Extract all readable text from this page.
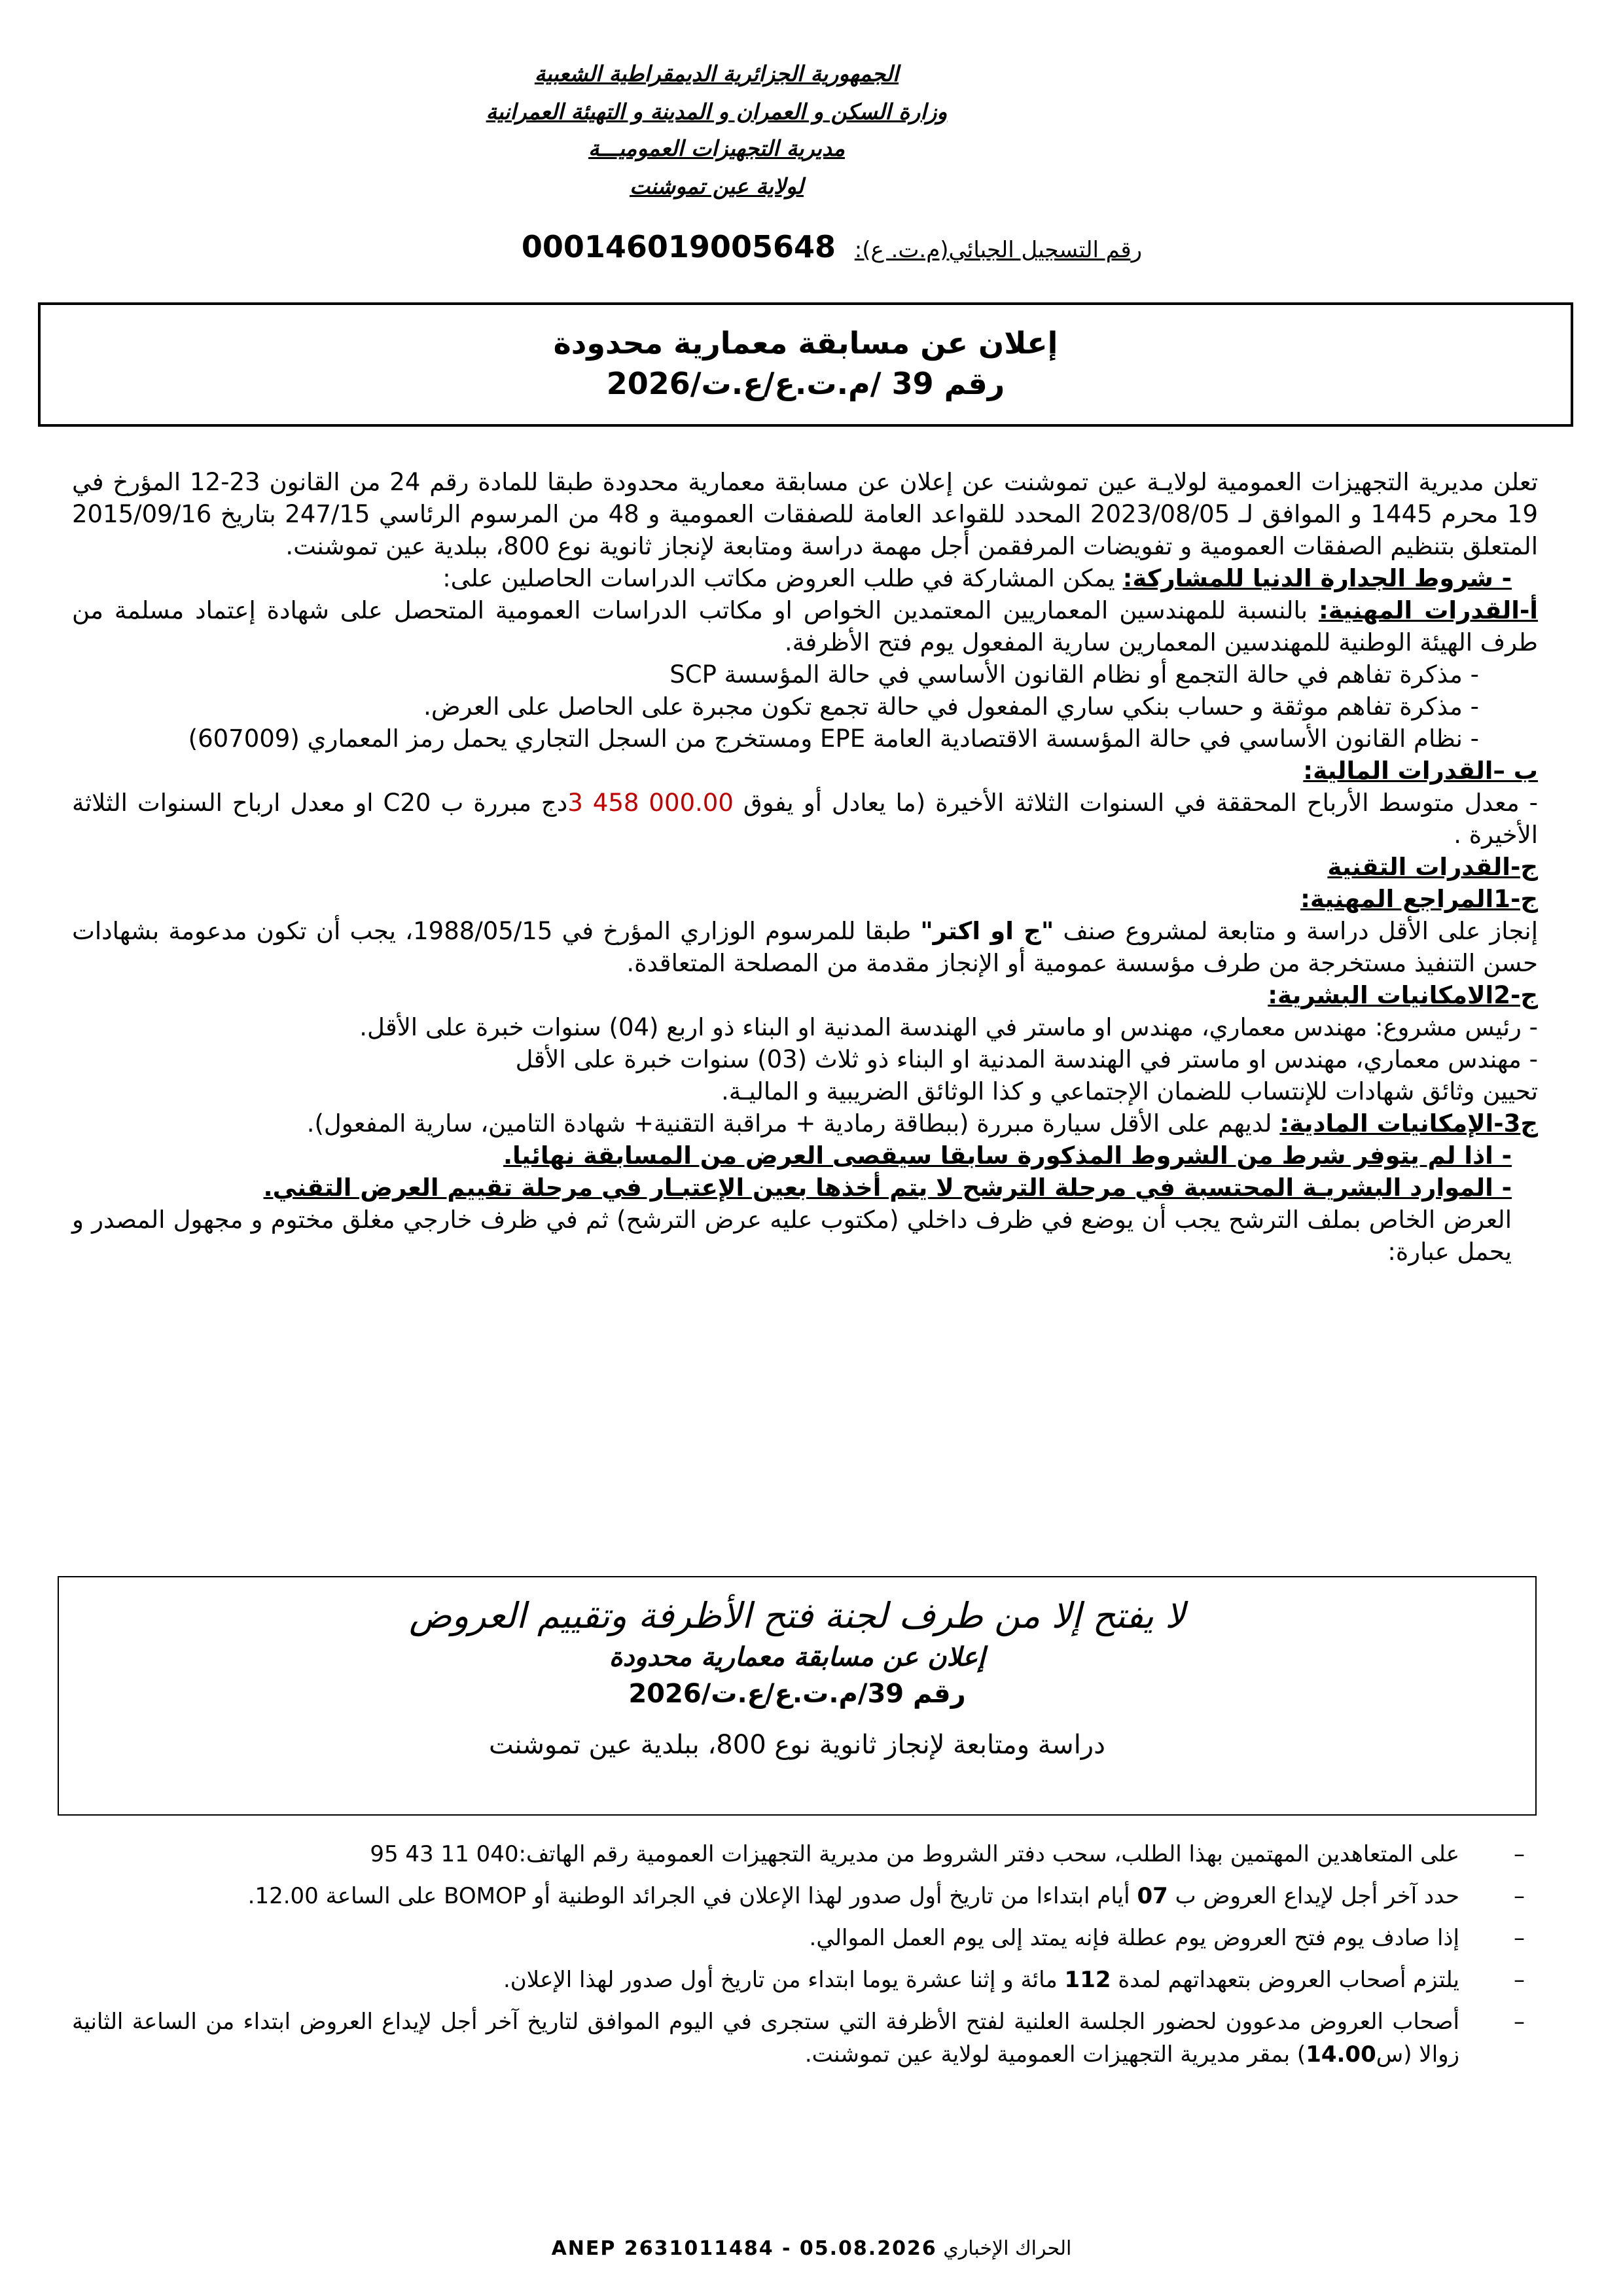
الجمهورية الجزائرية الديمقراطية الشعبية
وزارة السكن و العمران و المدينة و التهيئة العمرانية
مديرية التجهيزات العموميـــة
لولاية عين تموشنت
رقم التسجيل الجبائي(م.ت. ع): 000146019005648
إعلان عن مسابقة معمارية محدودة
رقم 39 /م.ت.ع/ع.ت/2026

تعلن مديرية التجهيزات العمومية لولايـة عين تموشنت عن إعلان عن مسابقة معمارية محدودة طبقا للمادة رقم 24 من القانون 23-12 المؤرخ في 19 محرم 1445 و الموافق لـ 2023/08/05 المحدد للقواعد العامة للصفقات العمومية و 48 من المرسوم الرئاسي 247/15 بتاريخ 2015/09/16 المتعلق بتنظيم الصفقات العمومية و تفويضات المرفقمن أجل مهمة دراسة ومتابعة لإنجاز ثانوية نوع 800، ببلدية عين تموشنت.

- شروط الجدارة الدنيا للمشاركة: يمكن المشاركة في طلب العروض مكاتب الدراسات الحاصلين على:

أ-القدرات المهنية: بالنسبة للمهندسين المعماريين المعتمدين الخواص او مكاتب الدراسات العمومية المتحصل على شهادة إعتماد مسلمة من طرف الهيئة الوطنية للمهندسين المعمارين سارية المفعول يوم فتح الأظرفة.

- مذكرة تفاهم في حالة التجمع أو نظام القانون الأساسي في حالة المؤسسة SCP

- مذكرة تفاهم موثقة و حساب بنكي ساري المفعول في حالة تجمع تكون مجبرة على الحاصل على العرض.

- نظام القانون الأساسي في حالة المؤسسة الاقتصادية العامة EPE ومستخرج من السجل التجاري يحمل رمز المعماري (607009)

ب –القدرات المالية:

- معدل متوسط الأرباح المحققة في السنوات الثلاثة الأخيرة (ما يعادل أو يفوق 3 458 000.00دج مبررة ب C20 او معدل ارباح السنوات الثلاثة الأخيرة .

ج-القدرات التقنية

ج-1المراجع المهنية:

إنجاز على الأقل دراسة و متابعة لمشروع صنف "ج او اكتر" طبقا للمرسوم الوزاري المؤرخ في 1988/05/15، يجب أن تكون مدعومة بشهادات حسن التنفيذ مستخرجة من طرف مؤسسة عمومية أو الإنجاز مقدمة من المصلحة المتعاقدة.

ج-2الامكانيات البشرية:

- رئيس مشروع: مهندس معماري، مهندس او ماستر في الهندسة المدنية او البناء ذو اربع (04) سنوات خبرة على الأقل.

- مهندس معماري، مهندس او ماستر في الهندسة المدنية او البناء ذو ثلاث (03) سنوات خبرة على الأقل

تحيين وثائق شهادات للإنتساب للضمان الإجتماعي و كذا الوثائق الضريبية و الماليـة.

ج3-الإمكانيات المادية: لديهم على الأقل سيارة مبررة (ببطاقة رمادية + مراقبة التقنية+ شهادة التامين، سارية المفعول).

- اذا لم يتوفر شرط من الشروط المذكورة سابقا سيقصى العرض من المسابقة نهائيا.

- الموارد البشريـة المحتسبة في مرحلة الترشح لا يتم أخذها بعين الإعتبـار في مرحلة تقييم العرض التقني.

العرض الخاص بملف الترشح يجب أن يوضع في ظرف داخلي (مكتوب عليه عرض الترشح) ثم في ظرف خارجي مغلق مختوم و مجهول المصدر و يحمل عبارة:

لا يفتح إلا من طرف لجنة فتح الأظرفة وتقييم العروض
إعلان عن مسابقة معمارية محدودة
رقم 39/م.ت.ع/ع.ت/2026
دراسة ومتابعة لإنجاز ثانوية نوع 800، ببلدية عين تموشنت
– على المتعاهدين المهتمين بهذا الطلب، سحب دفتر الشروط من مديرية التجهيزات العمومية رقم الهاتف:040 11 43 95
– حدد آخر أجل لإيداع العروض ب 07 أيام ابتداءا من تاريخ أول صدور لهذا الإعلان في الجرائد الوطنية أو BOMOP على الساعة 12.00.
– إذا صادف يوم فتح العروض يوم عطلة فإنه يمتد إلى يوم العمل الموالي.
– يلتزم أصحاب العروض بتعهداتهم لمدة 112 مائة و إثنا عشرة يوما ابتداء من تاريخ أول صدور لهذا الإعلان.
– أصحاب العروض مدعوون لحضور الجلسة العلنية لفتح الأظرفة التي ستجرى في اليوم الموافق لتاريخ آخر أجل لإيداع العروض ابتداء من الساعة الثانية زوالا (س14.00) بمقر مديرية التجهيزات العمومية لولاية عين تموشنت.
ANEP 2631011484 - 05.08.2026 الحراك الإخباري
